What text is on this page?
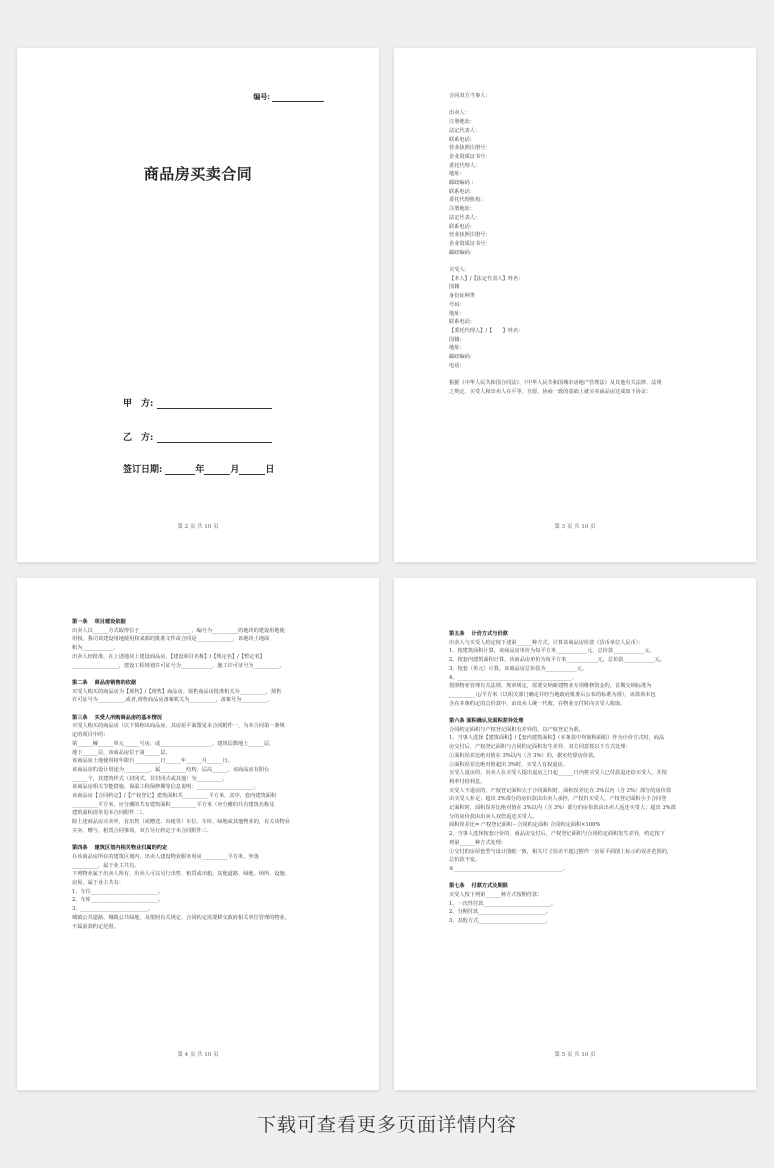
编号:
商品房买卖合同
甲　方:
乙　方:
签订日期:	年	月	日
第 2 页 共 10 页
合同双方当事人：
出卖人：
注册地址：
法定代表人：
联系电话：
营业执照注册号：
企业资质证书号：
委托代理人：
地址：
邮政编码 ：
联系电话：
委托代理机构：
注册地址：
法定代表人：
联系电话：
营业执照注册号：
企业资质证书号：
邮政编码：
买受人：
【本人】/【法定代表人】姓名：
国籍
身份证种类
号码：
地址：
联系电话：
【委托代理人】/【　　】姓名：
国籍：
地址：
邮政编码：
电话：
根据《中华人民共和国合同法》、《中华人民共和国城市房地产管理法》及其他有关法律、法规
之规定，买受人和出卖人在平等、自愿、协商一致的基础上就买卖商品房达成如下协议：

第 3 页 共 10 页
第一条　 项目建设依据
出卖人以______方式取得位于____________________、编号为__________的地块的建设用地使
用权。我司该建设用地使用权来源的批准文件或合同是______________，该地块土地面
积为____________。
出卖人经批准，在上述地块上建设商品房，【建设项目名称】/【规定名】/【暂定名】
__________________，建设工程规划许可证号为____________，施工许可证号为__________。
第二条　 商品房销售的依据
买受人购买的商品房为【预售】/【现售】商品房。预售商品房批准机关为__________，预售
许可证号为__________,或者,现售商品房备案机关为__________，备案号为__________。
第三条　 买受人所购商品房的基本情况
买受人购买的商品房（以下简称该商品房，其房屋平面图见本合同附件一，为本合同第一条规
定的项目中的：
第______幢______单元______号房，或____________________，建筑层数地上______层，
地下______层，该商品房位于第______层。
该商品房土地使用权年限自__________日______年______月______日。
该商品房的设计用途为__________，属__________结构，层高______，该商品房有阳台
______个，其建筑样式（封闭式、非封闭式或其他）为__________。
该商品房相关节能措施、保温工程保修期等信息说明：______________________。
该商品房【合同约定】/【产权登记】建筑面积共__________平方米，其中，套内建筑面积
__________平方米，应分摊的共有建筑面积__________平方米（应分摊的共有建筑名称及
建筑面积清单见本合同附件二）。
除上述商品房买卖外，有出售（或赠送、出租等）车位、车库、绿地或其他物业的，有关该物业
买卖、赠与、租赁合同事项，双方另行约定于本合同附件三。
第四条　 建筑区划内相关物业归属的约定
在该商品房所在的建筑区划内，出卖人建设物业服务用房__________平方米，坐落
__________，属于业主共有。
下列物业属于出卖人所有，出卖人可以另行出售、租赁或出租，其他道路、绿地、场所、设施、
房屋，属于业主共有：
1、车位__________________________。
2、车库__________________________。
3、__________________________。
城镇公共道路、城镇公共绿地、及依照有关规定、合同约定需要移交政府相关单位管理的物业，
不属前款约定范围。
第 4 页 共 10 页
第五条　 计价方式与价款
出卖人与买受人约定按下述第______种方式，计算该商品房价款（货币单位人民币）：
1、按建筑面积计算，该商品房单价为每平方米____________元，总价款____________元。
2、按套内建筑面积计算，该商品房单价为每平方米____________元，总价款____________元。
3、按套（单元）计算，该商品房总价款为____________元。
4、____________________________________________。
按照物业管理有关法规、规章规定，需要交纳新建物业专项维修资金的，首期交纳标准为
__________元/平方米（以相关部门确定并经当地政府批准后公布的标准为准），该款项未包
含在本条约定的总价款中，由出卖人统一代收，在物业交付时向买受人收取。
第六条 面积确认及面积差异处理
合同约定面积与产权登记面积有差异的，以产权登记为准。
1、当事人选择【建筑面积】/【套内建筑面积】（本条款中均简称面积）作为计价方式时，商品
房交付后，产权登记面积与合同约定面积发生差异，双方同意按以下方式处理：
①面积误差比绝对值在 3%以内（含 3%）的，据实结算房价款。
②面积误差比绝对值超出 3%时，买受人有权退房。
买受人退房的，出卖人在买受人提出退房之日起______日内将买受人已付款退还给买受人，并按
利率付给利息。
买受人不退房的，产权登记面积大于合同面积时，面积误差比在 3%以内（含 3%）部分的房价款
由买受人补足；超出 3%部分的房价款由出卖人承担，产权归买受人。产权登记面积小于合同登
记面积时，面积误差比绝对值在 3%以内（含 3%）部分的房价款由出卖人返还买受人；超出 3%部
分的房价款由出卖人双倍返还买受人。
面积误差比= 产权登记面积－合同约定面积 合同约定面积×100%
2、当事人选择按套计价的，商品房交付后，产权登记面积与合同约定面积发生差异，约定按下
列第______种方式处理：
①交付的房屋套型与设计图纸一致，相关尺寸误差不超过附件一房屋平面图上标示的误差范围的，
总价款不变。
②__________________________________________。
第七条　 付款方式及期限
买受人按下列第______种方式按期付款：
1、一次性付款__________________________。
2、分期付款__________________________。
3、其他方式__________________________。
第 5 页 共 10 页
下载可查看更多页面详情内容
